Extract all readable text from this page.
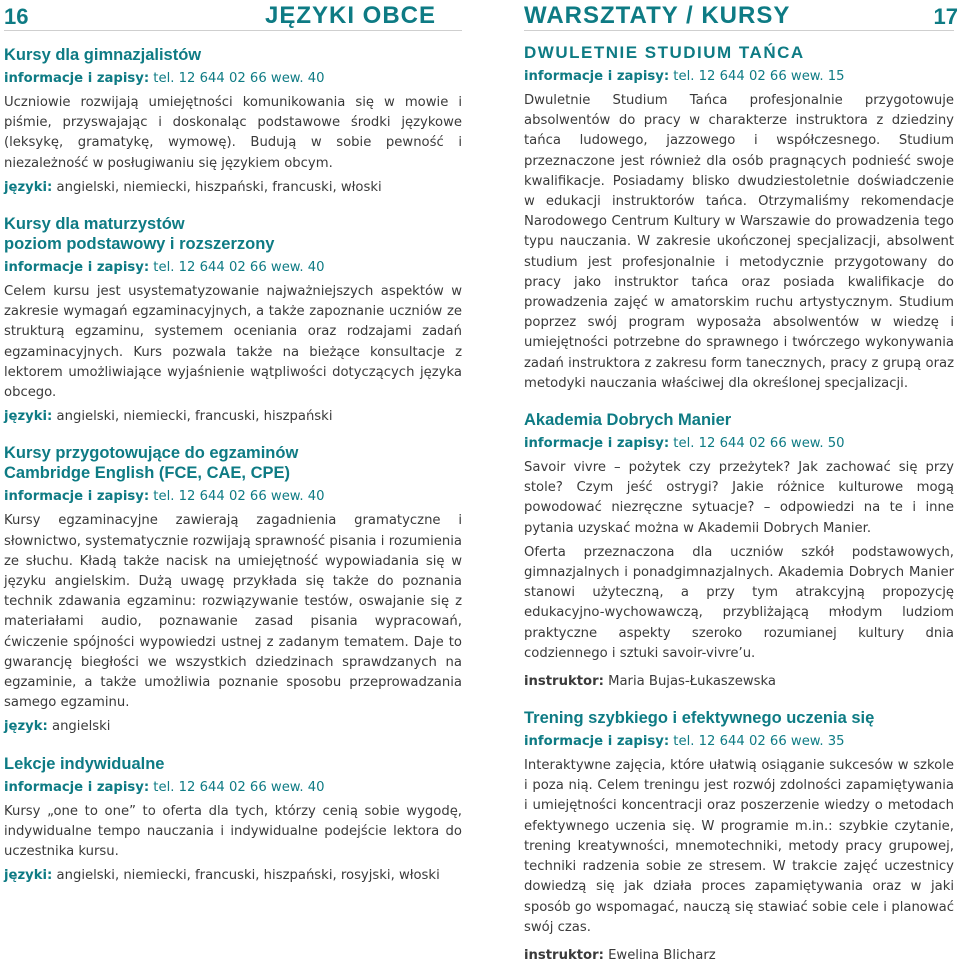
16	JĘZYKI OBCE
Kursy dla gimnazjalistów
informacje i zapisy: tel. 12 644 02 66 wew. 40

Uczniowie rozwijają umiejętności komunikowania się w mowie i piśmie, przyswajając i doskonaląc podstawowe środki językowe (leksykę, gramatykę, wymowę). Budują w sobie pewność i niezależność w posługiwaniu się językiem obcym.

języki: angielski, niemiecki, hiszpański, francuski, włoski
Kursy dla maturzystów
poziom podstawowy i rozszerzony
informacje i zapisy: tel. 12 644 02 66 wew. 40

Celem kursu jest usystematyzowanie najważniejszych aspektów w zakresie wymagań egzaminacyjnych, a także zapoznanie uczniów ze strukturą egzaminu, systemem oceniania oraz rodzajami zadań egzaminacyjnych. Kurs pozwala także na bieżące konsultacje z lektorem umożliwiające wyjaśnienie wątpliwości dotyczących języka obcego.

języki: angielski, niemiecki, francuski, hiszpański
Kursy przygotowujące do egzaminów
Cambridge English (FCE, CAE, CPE)
informacje i zapisy: tel. 12 644 02 66 wew. 40

Kursy egzaminacyjne zawierają zagadnienia gramatyczne i słownictwo, systematycznie rozwijają sprawność pisania i rozumienia ze słuchu. Kładą także nacisk na umiejętność wypowiadania się w języku angielskim. Dużą uwagę przykłada się także do poznania technik zdawania egzaminu: rozwiązywanie testów, oswajanie się z materiałami audio, poznawanie zasad pisania wypracowań, ćwiczenie spójności wypowiedzi ustnej z zadanym tematem. Daje to gwarancję biegłości we wszystkich dziedzinach sprawdzanych na egzaminie, a także umożliwia poznanie sposobu przeprowadzania samego egzaminu.

język: angielski
Lekcje indywidualne
informacje i zapisy: tel. 12 644 02 66 wew. 40

Kursy „one to one” to oferta dla tych, którzy cenią sobie wygodę, indywidualne tempo nauczania i indywidualne podejście lektora do uczestnika kursu.

języki: angielski, niemiecki, francuski, hiszpański, rosyjski, włoski
WARSZTATY / KURSY	17
DWULETNIE STUDIUM TAŃCA
informacje i zapisy: tel. 12 644 02 66 wew. 15

Dwuletnie Studium Tańca profesjonalnie przygotowuje absolwentów do pracy w charakterze instruktora z dziedziny tańca ludowego, jazzowego i współczesnego. Studium przeznaczone jest również dla osób pragnących podnieść swoje kwalifikacje. Posiadamy blisko dwudziestoletnie doświadczenie w edukacji instruktorów tańca. Otrzymaliśmy rekomendacje Narodowego Centrum Kultury w Warszawie do prowadzenia tego typu nauczania. W zakresie ukończonej specjalizacji, absolwent studium jest profesjonalnie i metodycznie przygotowany do pracy jako instruktor tańca oraz posiada kwalifikacje do prowadzenia zajęć w amatorskim ruchu artystycznym. Studium poprzez swój program wyposaża absolwentów w wiedzę i umiejętności potrzebne do sprawnego i twórczego wykonywania zadań instruktora z zakresu form tanecznych, pracy z grupą oraz metodyki nauczania właściwej dla określonej specjalizacji.

Akademia Dobrych Manier
informacje i zapisy: tel. 12 644 02 66 wew. 50

Savoir vivre – pożytek czy przeżytek? Jak zachować się przy stole? Czym jeść ostrygi? Jakie różnice kulturowe mogą powodować niezręczne sytuacje? – odpowiedzi na te i inne pytania uzyskać można w Akademii Dobrych Manier.

Oferta przeznaczona dla uczniów szkół podstawowych, gimnazjalnych i ponadgimnazjalnych. Akademia Dobrych Manier stanowi użyteczną, a przy tym atrakcyjną propozycję edukacyjno-wychowawczą, przybliżającą młodym ludziom praktyczne aspekty szeroko rozumianej kultury dnia codziennego i sztuki savoir-vivre’u.

instruktor: Maria Bujas-Łukaszewska
Trening szybkiego i efektywnego uczenia się
informacje i zapisy: tel. 12 644 02 66 wew. 35

Interaktywne zajęcia, które ułatwią osiąganie sukcesów w szkole i poza nią. Celem treningu jest rozwój zdolności zapamiętywania i umiejętności koncentracji oraz poszerzenie wiedzy o metodach efektywnego uczenia się. W programie m.in.: szybkie czytanie, trening kreatywności, mnemotechniki, metody pracy grupowej, techniki radzenia sobie ze stresem. W trakcie zajęć uczestnicy dowiedzą się jak działa proces zapamiętywania oraz w jaki sposób go wspomagać, nauczą się stawiać sobie cele i planować swój czas.

instruktor: Ewelina Blicharz
